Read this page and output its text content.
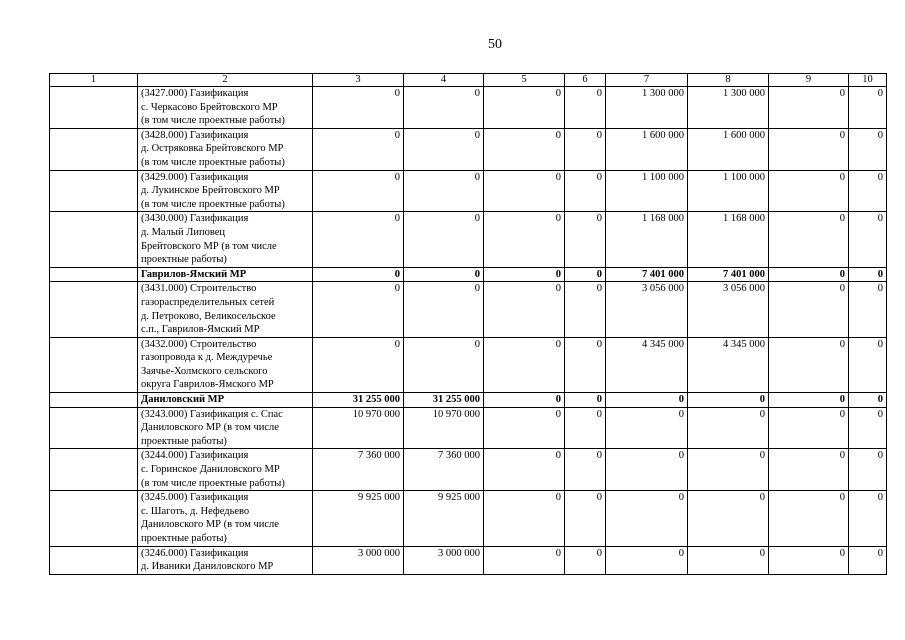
50
1	2	3	4	5	6	7	8	9	10
	(3427.000) Газификация
с. Черкасово Брейтовского МР
(в том числе проектные работы)	0	0	0	0	1 300 000	1 300 000	0	0
	(3428.000) Газификация
д. Остряковка Брейтовского МР
(в том числе проектные работы)	0	0	0	0	1 600 000	1 600 000	0	0
	(3429.000) Газификация
д. Лукинское Брейтовского МР
(в том числе проектные работы)	0	0	0	0	1 100 000	1 100 000	0	0
	(3430.000) Газификация
д. Малый Липовец
Брейтовского МР (в том числе
проектные работы)	0	0	0	0	1 168 000	1 168 000	0	0
	Гаврилов-Ямский МР	0	0	0	0	7 401 000	7 401 000	0	0
	(3431.000) Строительство
газораспределительных сетей
д. Петроково, Великосельское
с.п., Гаврилов-Ямский МР	0	0	0	0	3 056 000	3 056 000	0	0
	(3432.000) Строительство
газопровода к д. Междуречье
Заячье-Холмского сельского
округа Гаврилов-Ямского МР	0	0	0	0	4 345 000	4 345 000	0	0
	Даниловский МР	31 255 000	31 255 000	0	0	0	0	0	0
	(3243.000) Газификация с. Спас
Даниловского МР (в том числе
проектные работы)	10 970 000	10 970 000	0	0	0	0	0	0
	(3244.000) Газификация
с. Горинское Даниловского МР
(в том числе проектные работы)	7 360 000	7 360 000	0	0	0	0	0	0
	(3245.000) Газификация
с. Шаготь, д. Нефедьево
Даниловского МР (в том числе
проектные работы)	9 925 000	9 925 000	0	0	0	0	0	0
	(3246.000) Газификация
д. Иваники Даниловского МР	3 000 000	3 000 000	0	0	0	0	0	0
